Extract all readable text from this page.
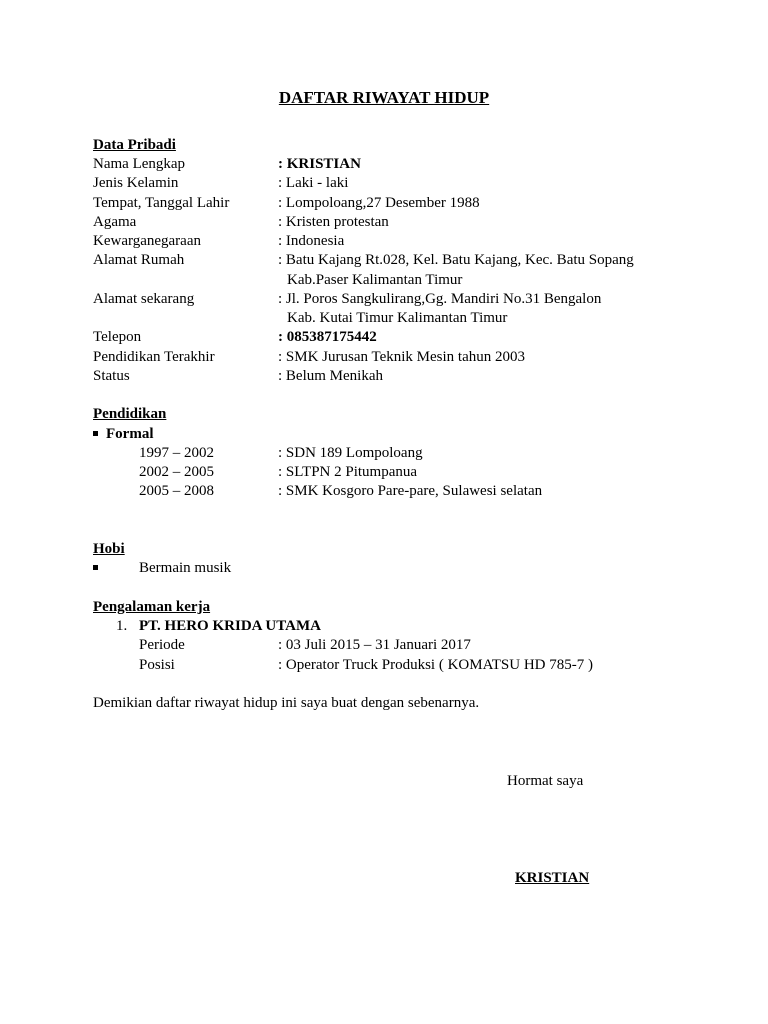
DAFTAR RIWAYAT HIDUP
Data Pribadi
Nama Lengkap	: KRISTIAN
Jenis Kelamin	: Laki - laki
Tempat, Tanggal Lahir	: Lompoloang,27 Desember 1988
Agama	: Kristen protestan
Kewarganegaraan	: Indonesia
Alamat Rumah	: Batu Kajang Rt.028, Kel. Batu Kajang, Kec. Batu Sopang
Kab.Paser Kalimantan Timur
Alamat sekarang	: Jl. Poros Sangkulirang,Gg. Mandiri No.31 Bengalon
Kab. Kutai Timur Kalimantan Timur
Telepon	: 085387175442
Pendidikan Terakhir	: SMK Jurusan Teknik Mesin tahun 2003
Status	: Belum Menikah
Pendidikan
Formal
1997 – 2002	: SDN 189 Lompoloang
2002 – 2005	: SLTPN 2 Pitumpanua
2005 – 2008	: SMK Kosgoro Pare-pare, Sulawesi selatan
Hobi
Bermain musik
Pengalaman kerja
1. PT. HERO KRIDA UTAMA
Periode	: 03 Juli 2015 – 31 Januari 2017
Posisi	: Operator Truck Produksi ( KOMATSU HD 785-7 )
Demikian daftar riwayat hidup ini saya buat dengan sebenarnya.
Hormat saya
KRISTIAN
